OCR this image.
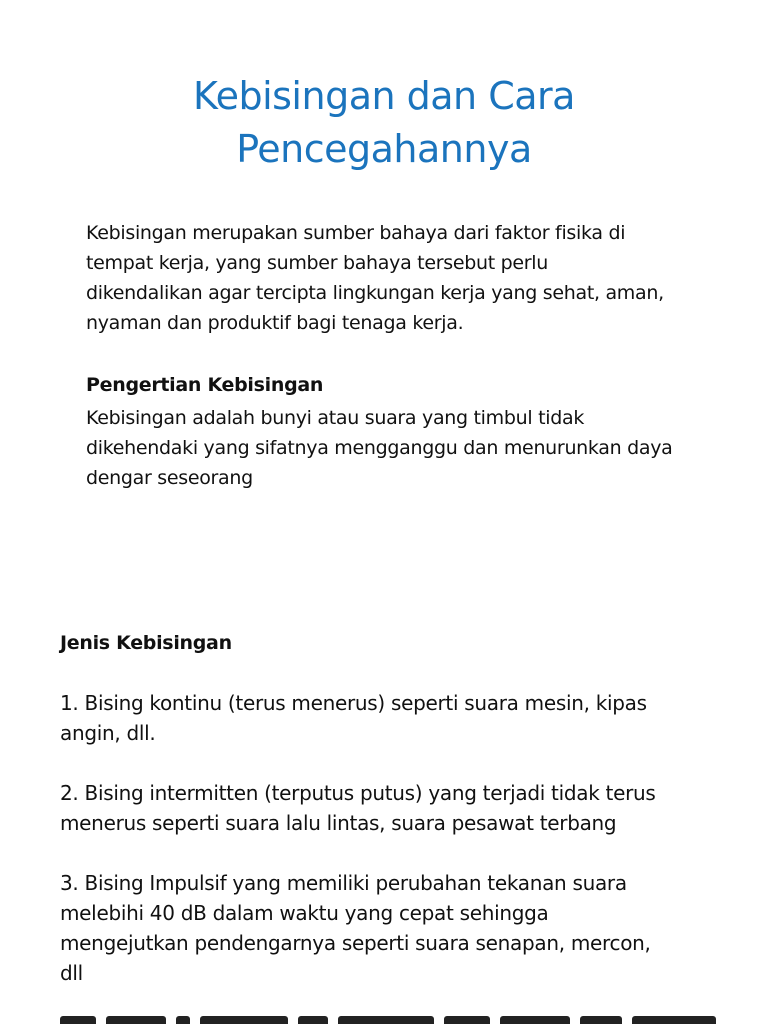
Kebisingan dan Cara
Pencegahannya

Kebisingan merupakan sumber bahaya dari faktor fisika di
tempat kerja, yang sumber bahaya tersebut perlu
dikendalikan agar tercipta lingkungan kerja yang sehat, aman,
nyaman dan produktif bagi tenaga kerja.

Pengertian Kebisingan

Kebisingan adalah bunyi atau suara yang timbul tidak
dikehendaki yang sifatnya mengganggu dan menurunkan daya
dengar seseorang

Jenis Kebisingan

1. Bising kontinu (terus menerus) seperti suara mesin, kipas
angin, dll.

2. Bising intermitten (terputus putus) yang terjadi tidak terus
menerus seperti suara lalu lintas, suara pesawat terbang

3. Bising Impulsif yang memiliki perubahan tekanan suara
melebihi 40 dB dalam waktu yang cepat sehingga
mengejutkan pendengarnya seperti suara senapan, mercon,
dll
